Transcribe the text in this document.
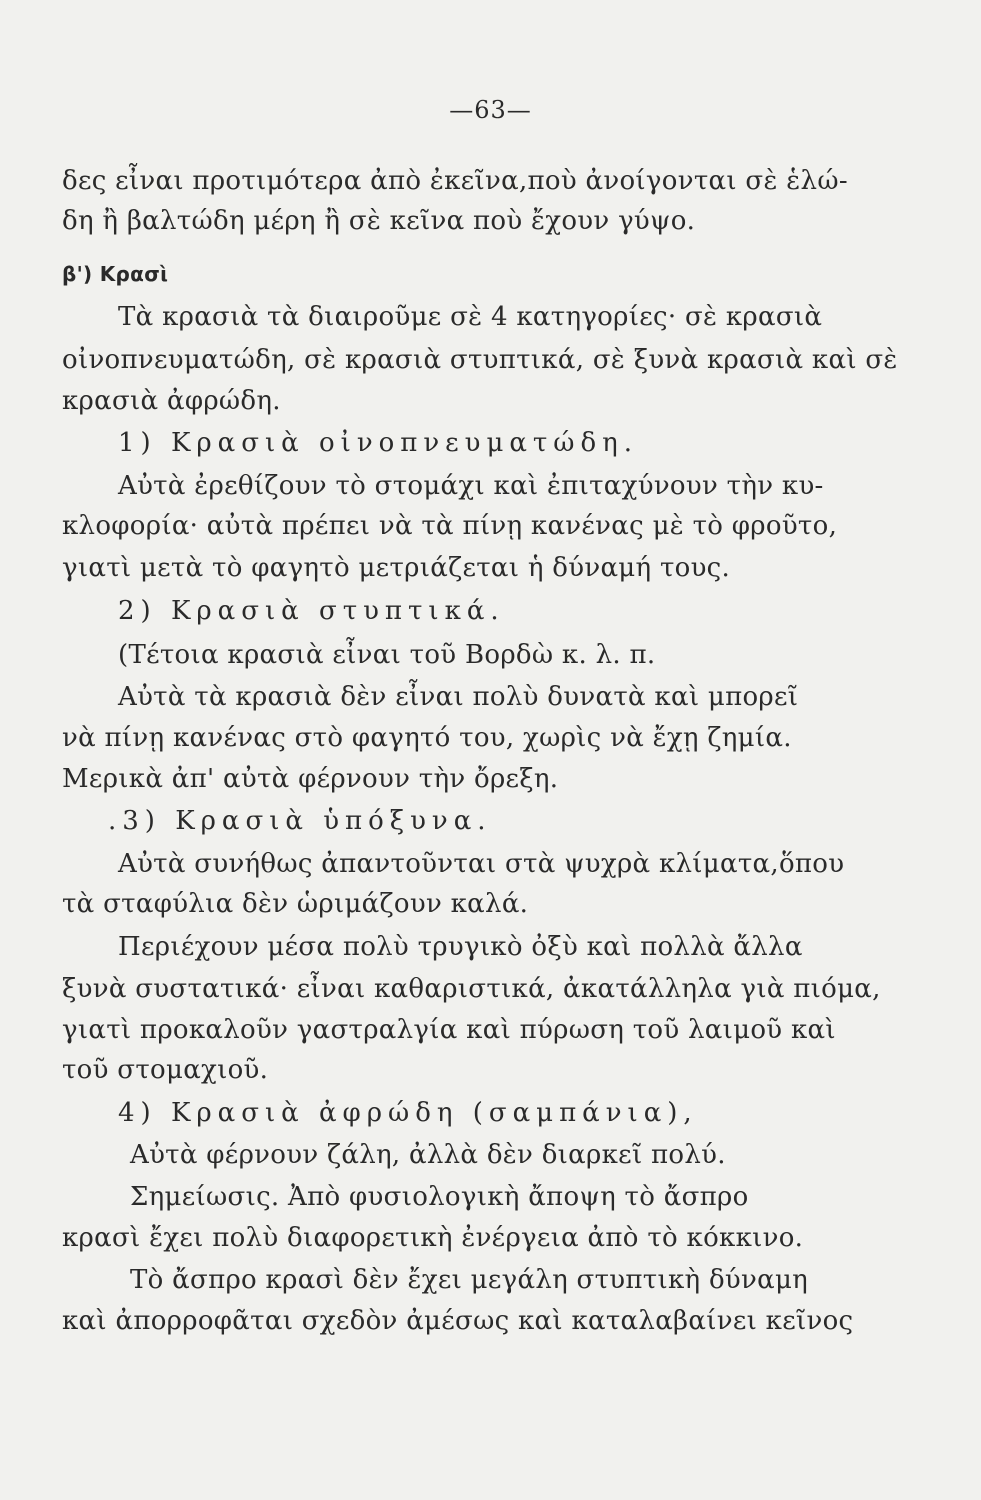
—63—
δες εἶναι προτιμότερα ἀπὸ ἐκεῖνα,ποὺ ἀνοίγονται σὲ ἑλώ-
δη ἢ βαλτώδη μέρη ἢ σὲ κεῖνα ποὺ ἔχουν γύψο.
β') Κρασὶ
Τὰ κρασιὰ τὰ διαιροῦμε σὲ 4 κατηγορίες· σὲ κρασιὰ
οἰνοπνευματώδη, σὲ κρασιὰ στυπτικά, σὲ ξυνὰ κρασιὰ καὶ σὲ
κρασιὰ ἀφρώδη.
1) Κρασιὰ οἰνοπνευματώδη.
Αὐτὰ ἐρεθίζουν τὸ στομάχι καὶ ἐπιταχύνουν τὴν κυ-
κλοφορία· αὐτὰ πρέπει νὰ τὰ πίνῃ κανένας μὲ τὸ φροῦτο,
γιατὶ μετὰ τὸ φαγητὸ μετριάζεται ἡ δύναμή τους.
2) Κρασιὰ στυπτικά.
(Τέτοια κρασιὰ εἶναι τοῦ Βορδὼ κ. λ. π.
Αὐτὰ τὰ κρασιὰ δὲν εἶναι πολὺ δυνατὰ καὶ μπορεῖ
νὰ πίνῃ κανένας στὸ φαγητό του, χωρὶς νὰ ἔχῃ ζημία.
Μερικὰ ἀπ' αὐτὰ φέρνουν τὴν ὄρεξη.
.3) Κρασιὰ ὑπόξυνα.
Αὐτὰ συνήθως ἀπαντοῦνται στὰ ψυχρὰ κλίματα,ὅπου
τὰ σταφύλια δὲν ὡριμάζουν καλά.
Περιέχουν μέσα πολὺ τρυγικὸ ὀξὺ καὶ πολλὰ ἄλλα
ξυνὰ συστατικά· εἶναι καθαριστικά, ἀκατάλληλα γιὰ πιόμα,
γιατὶ προκαλοῦν γαστραλγία καὶ πύρωση τοῦ λαιμοῦ καὶ
τοῦ στομαχιοῦ.
4) Κρασιὰ ἀφρώδη (σαμπάνια),
Αὐτὰ φέρνουν ζάλη, ἀλλὰ δὲν διαρκεῖ πολύ.
Σημείωσις. Ἀπὸ φυσιολογικὴ ἄποψη τὸ ἄσπρο
κρασὶ ἔχει πολὺ διαφορετικὴ ἐνέργεια ἀπὸ τὸ κόκκινο.
Τὸ ἄσπρο κρασὶ δὲν ἔχει μεγάλη στυπτικὴ δύναμη
καὶ ἀπορροφᾶται σχεδὸν ἀμέσως καὶ καταλαβαίνει κεῖνος
